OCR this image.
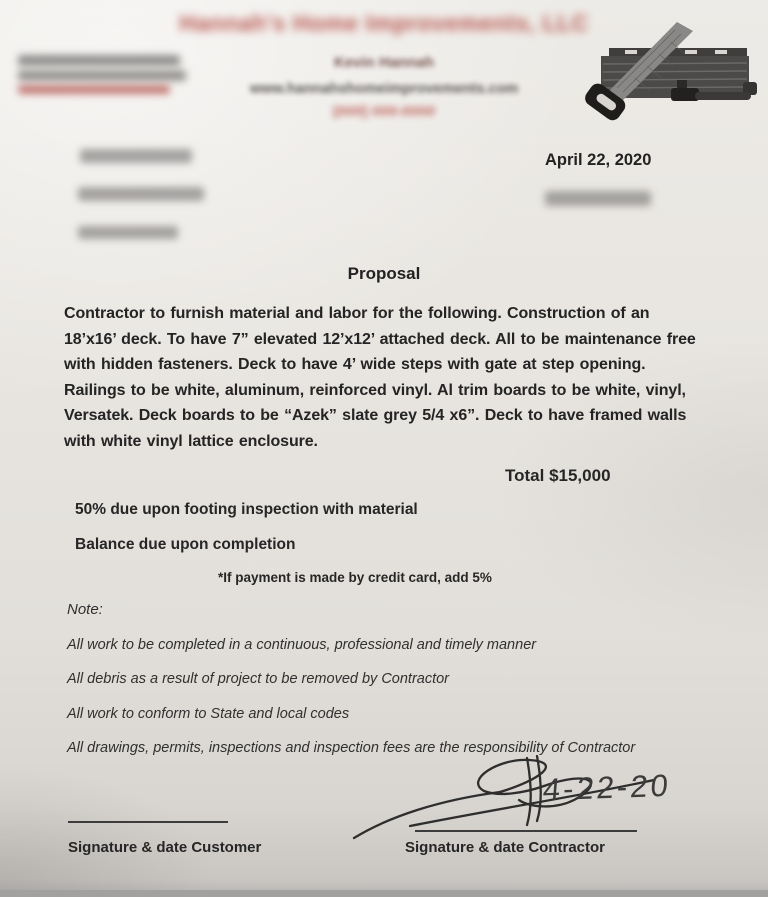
Hannah's Home Improvements, LLC
Kevin Hannah
www.hannahshomeimprovements.com
(###) ###-####
April 22, 2020
Proposal
Contractor to furnish material and labor for the following. Construction of an 18’x16’ deck. To have 7” elevated 12’x12’ attached deck. All to be maintenance free with hidden fasteners. Deck to have 4’ wide steps with gate at step opening. Railings to be white, aluminum, reinforced vinyl. Al trim boards to be white, vinyl, Versatek. Deck boards to be “Azek” slate grey 5/4 x6”. Deck to have framed walls with white vinyl lattice enclosure.
Total $15,000
50% due upon footing inspection with material
Balance due upon completion
*If payment is made by credit card, add 5%
Note:
All work to be completed in a continuous, professional and timely manner
All debris as a result of project to be removed by Contractor
All work to conform to State and local codes
All drawings, permits, inspections and inspection fees are the responsibility of Contractor
4-22-20
Signature & date Customer	Signature & date Contractor
